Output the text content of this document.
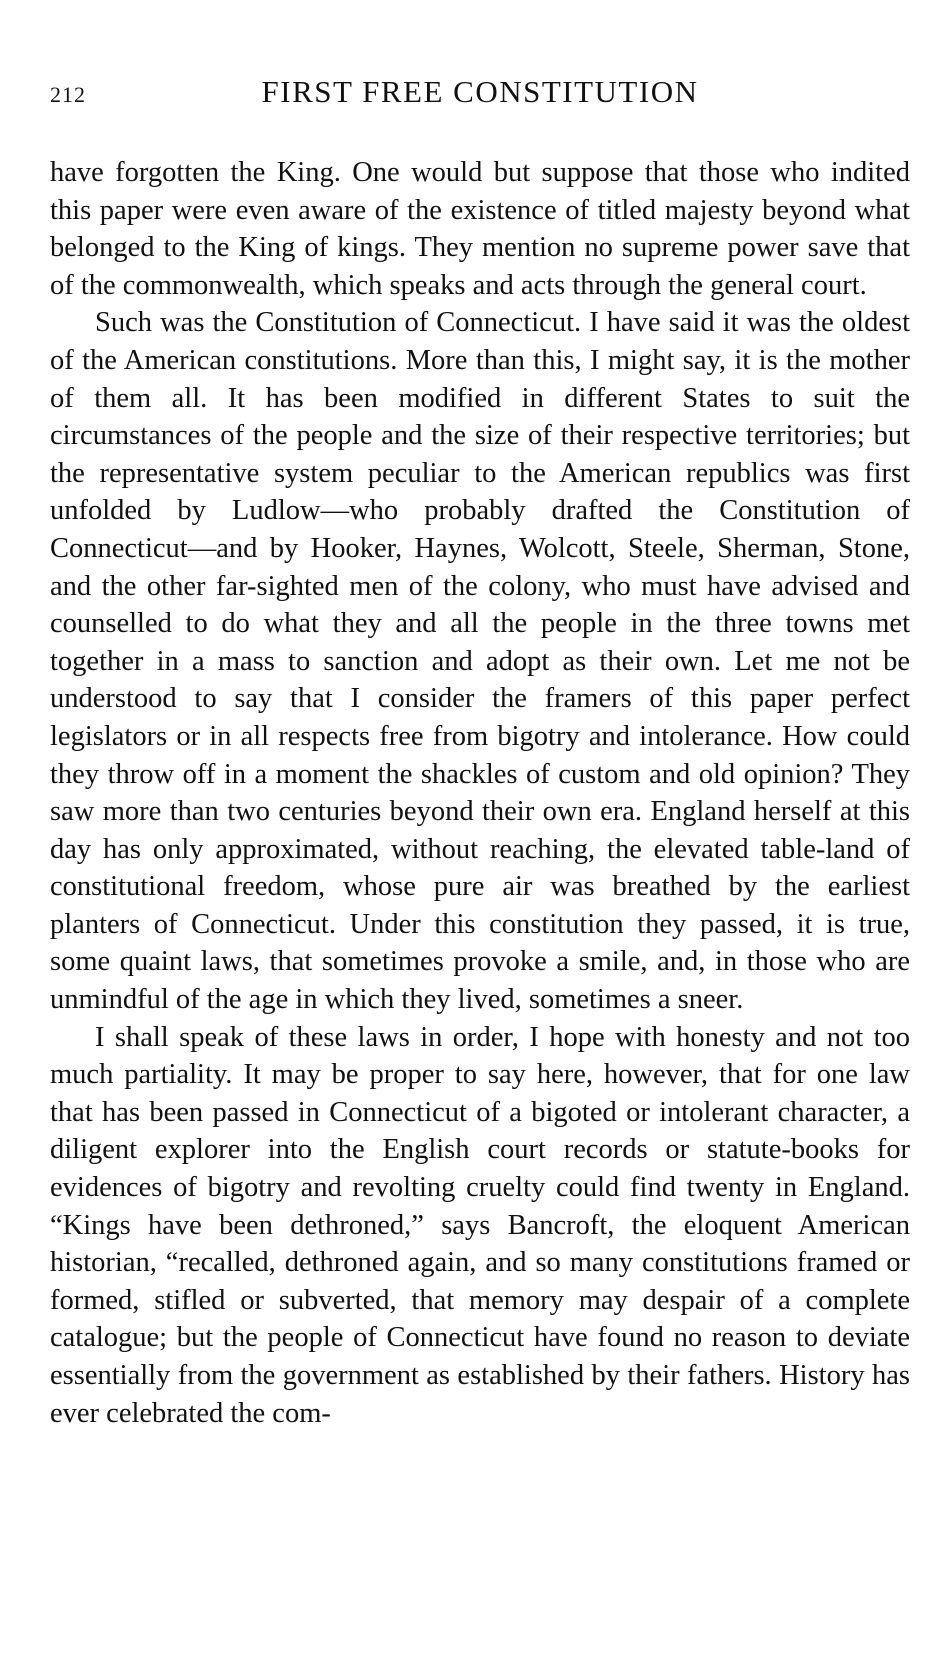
212	FIRST FREE CONSTITUTION

have forgotten the King. One would but suppose that those who indited this paper were even aware of the existence of titled majesty beyond what belonged to the King of kings. They mention no supreme power save that of the commonwealth, which speaks and acts through the general court.

Such was the Constitution of Connecticut. I have said it was the oldest of the American constitutions. More than this, I might say, it is the mother of them all. It has been modified in different States to suit the circumstances of the people and the size of their respective territories; but the representative system peculiar to the American republics was first unfolded by Ludlow—who probably drafted the Constitution of Connecticut—and by Hooker, Haynes, Wolcott, Steele, Sherman, Stone, and the other far-sighted men of the colony, who must have advised and counselled to do what they and all the people in the three towns met together in a mass to sanction and adopt as their own. Let me not be understood to say that I consider the framers of this paper perfect legislators or in all respects free from bigotry and intolerance. How could they throw off in a moment the shackles of custom and old opinion? They saw more than two centuries beyond their own era. England herself at this day has only approximated, without reaching, the elevated table-land of constitutional freedom, whose pure air was breathed by the earliest planters of Connecticut. Under this constitution they passed, it is true, some quaint laws, that sometimes provoke a smile, and, in those who are unmindful of the age in which they lived, sometimes a sneer.

I shall speak of these laws in order, I hope with honesty and not too much partiality. It may be proper to say here, however, that for one law that has been passed in Connecticut of a bigoted or intolerant character, a diligent explorer into the English court records or statute-books for evidences of bigotry and revolting cruelty could find twenty in England. “Kings have been dethroned,” says Bancroft, the eloquent American historian, “recalled, dethroned again, and so many constitutions framed or formed, stifled or subverted, that memory may despair of a complete catalogue; but the people of Connecticut have found no reason to deviate essentially from the government as established by their fathers. History has ever celebrated the com-
